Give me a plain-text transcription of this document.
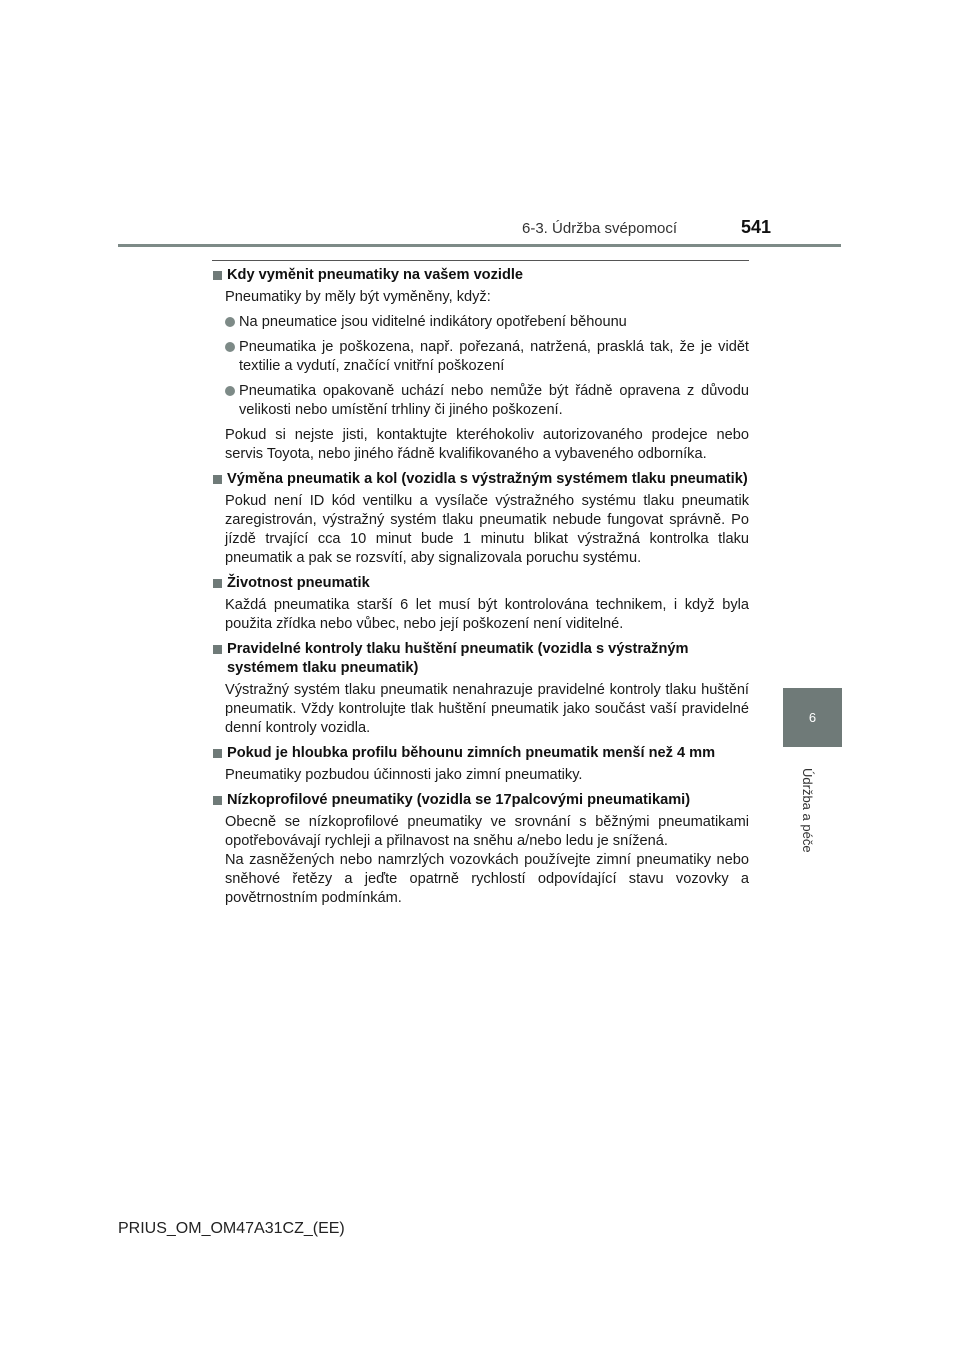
6-3. Údržba svépomocí	541
6
Údržba a péče
Kdy vyměnit pneumatiky na vašem vozidle
Pneumatiky by měly být vyměněny, když:
Na pneumatice jsou viditelné indikátory opotřebení běhounu
Pneumatika je poškozena, např. pořezaná, natržená, prasklá tak, že je vidět textilie a vydutí, značící vnitřní poškození
Pneumatika opakovaně uchází nebo nemůže být řádně opravena z důvodu velikosti nebo umístění trhliny či jiného poškození.
Pokud si nejste jisti, kontaktujte kteréhokoliv autorizovaného prodejce nebo servis Toyota, nebo jiného řádně kvalifikovaného a vybaveného odborníka.
Výměna pneumatik a kol (vozidla s výstražným systémem tlaku pneumatik)
Pokud není ID kód ventilku a vysílače výstražného systému tlaku pneumatik zaregistrován, výstražný systém tlaku pneumatik nebude fungovat správně. Po jízdě trvající cca 10 minut bude 1 minutu blikat výstražná kontrolka tlaku pneumatik a pak se rozsvítí, aby signalizovala poruchu systému.
Životnost pneumatik
Každá pneumatika starší 6 let musí být kontrolována technikem, i když byla použita zřídka nebo vůbec, nebo její poškození není viditelné.
Pravidelné kontroly tlaku huštění pneumatik (vozidla s výstražným systémem tlaku pneumatik)
Výstražný systém tlaku pneumatik nenahrazuje pravidelné kontroly tlaku huštění pneumatik. Vždy kontrolujte tlak huštění pneumatik jako součást vaší pravidelné denní kontroly vozidla.
Pokud je hloubka profilu běhounu zimních pneumatik menší než 4 mm
Pneumatiky pozbudou účinnosti jako zimní pneumatiky.
Nízkoprofilové pneumatiky (vozidla se 17palcovými pneumatikami)
Obecně se nízkoprofilové pneumatiky ve srovnání s běžnými pneumatikami opotřebovávají rychleji a přilnavost na sněhu a/nebo ledu je snížená.
Na zasněžených nebo namrzlých vozovkách používejte zimní pneumatiky nebo sněhové řetězy a jeďte opatrně rychlostí odpovídající stavu vozovky a povětrnostním podmínkám.
PRIUS_OM_OM47A31CZ_(EE)
